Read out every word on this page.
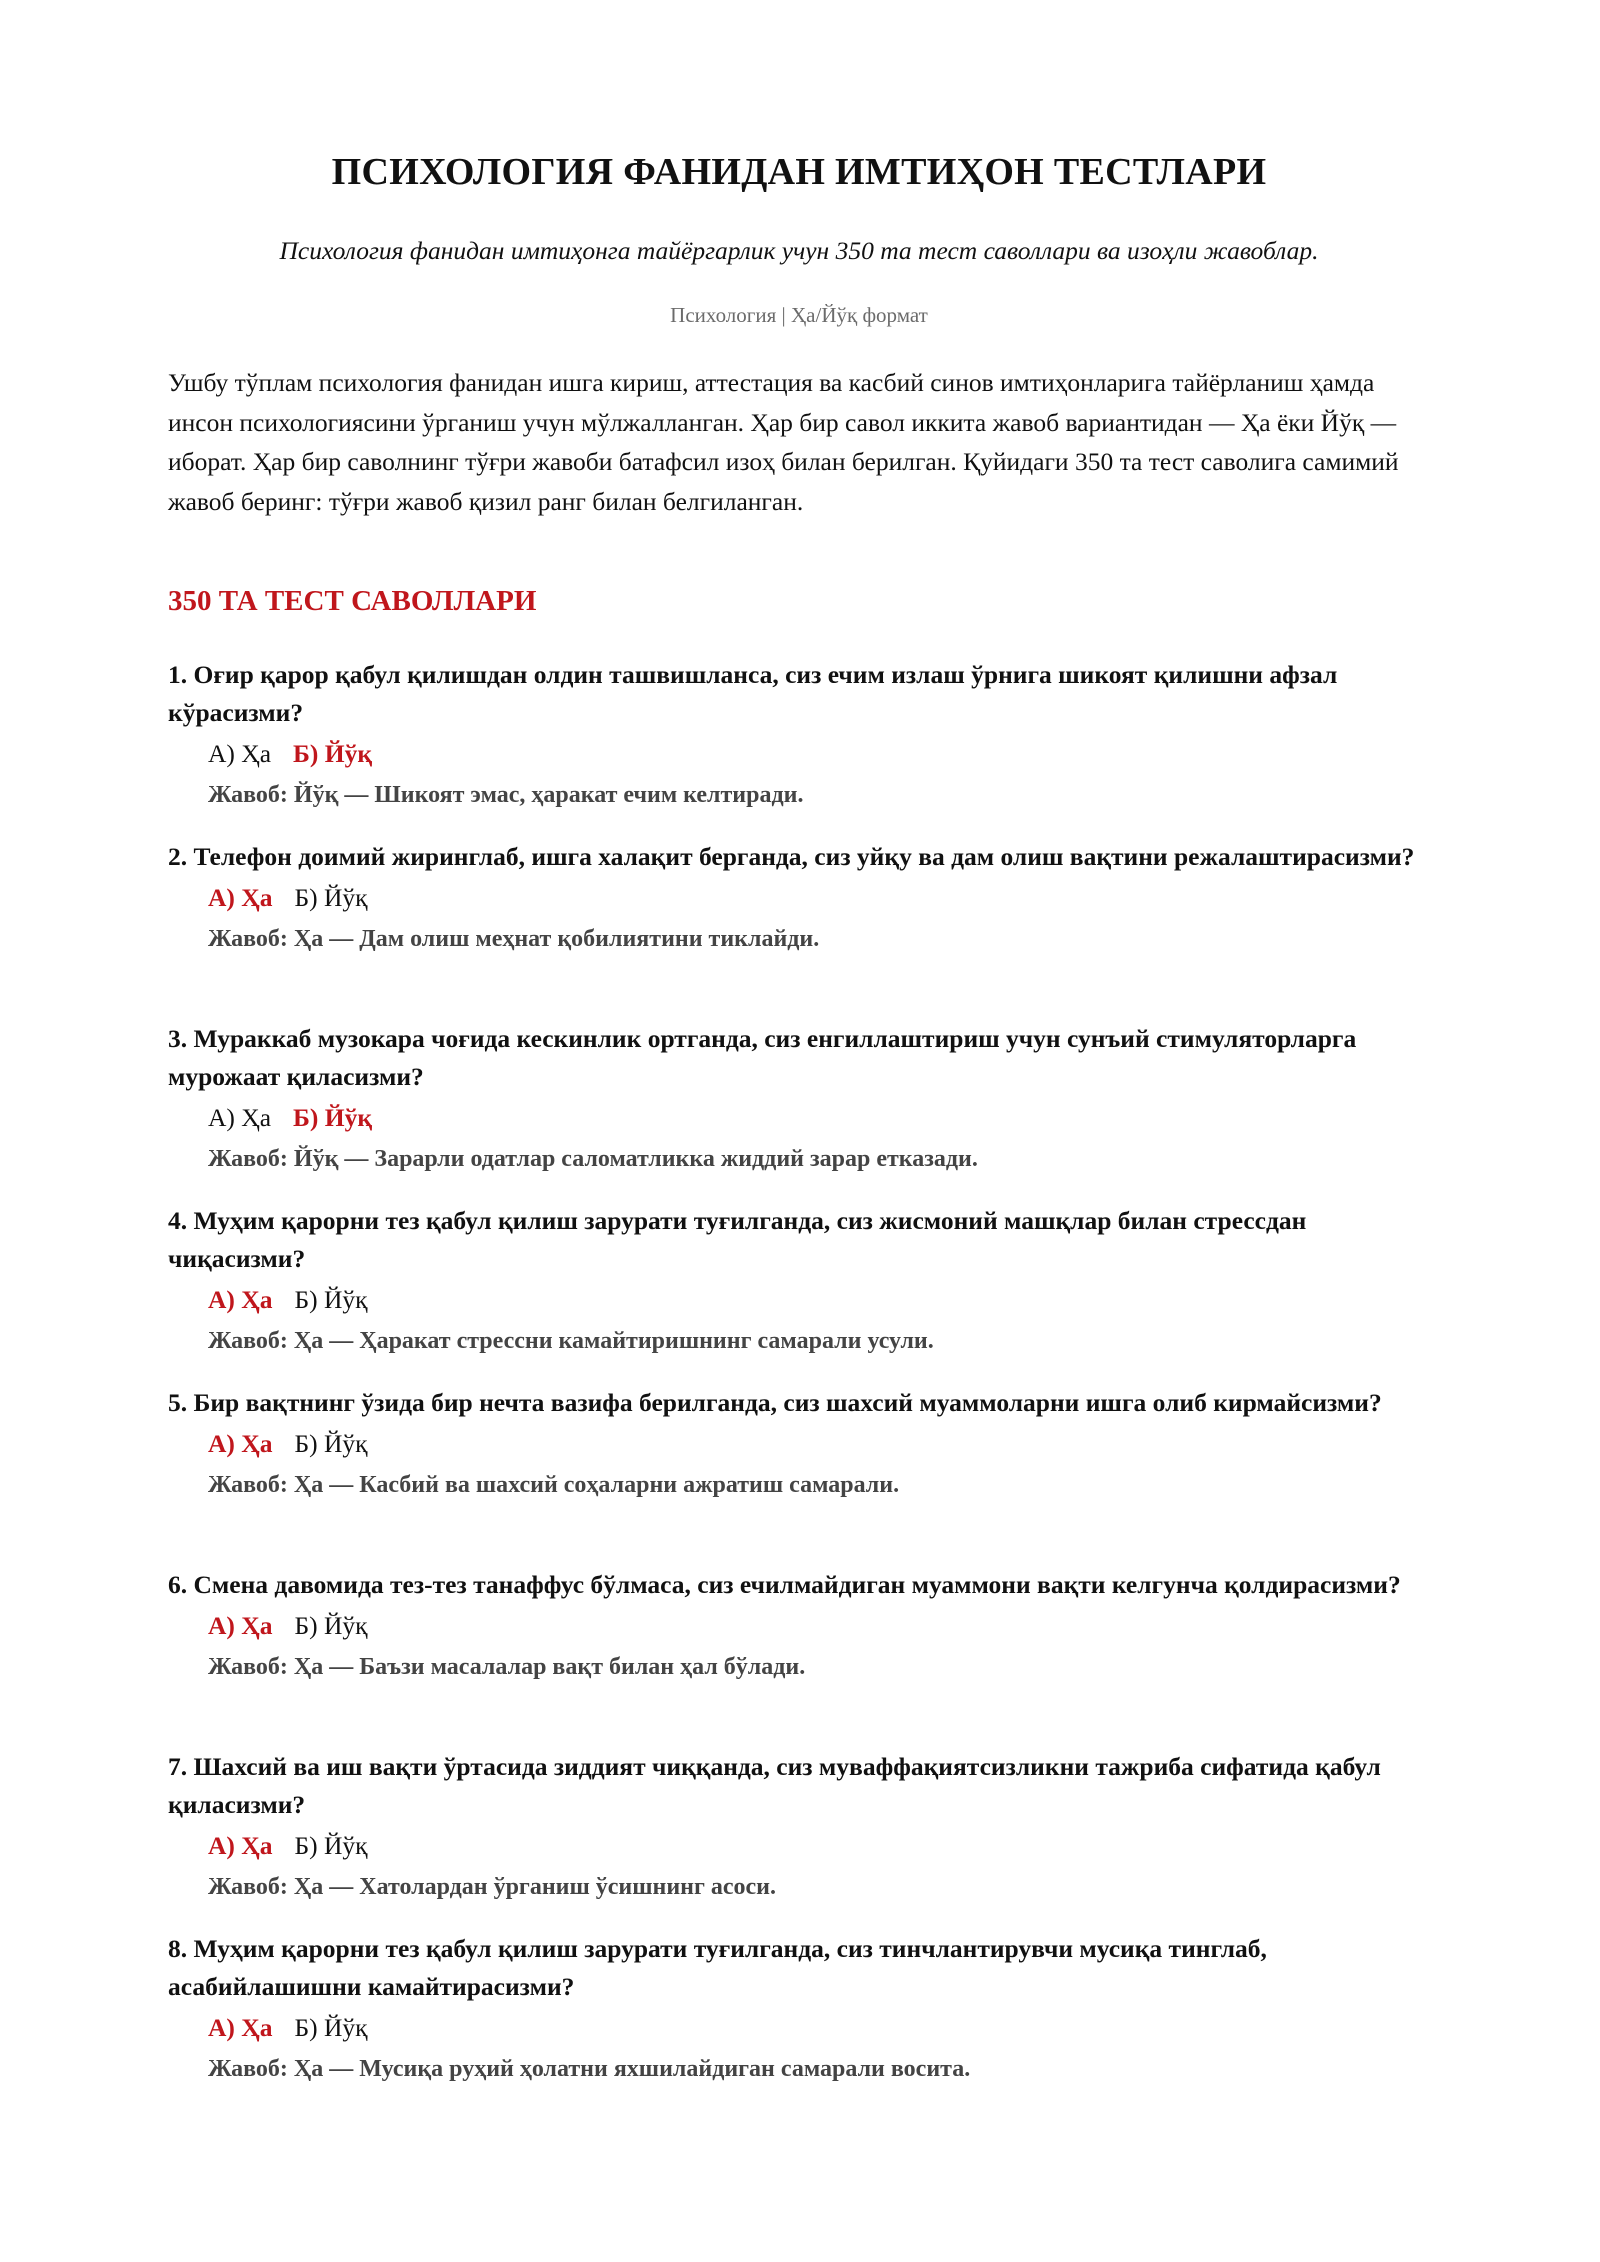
ПСИХОЛОГИЯ ФАНИДАН ИМТИҲОН ТЕСТЛАРИ
Психология фанидан имтиҳонга тайёргарлик учун 350 та тест саволлари ва изоҳли жавоблар.
Психология | Ҳа/Йўқ формат

Ушбу тўплам психология фанидан ишга кириш, аттестация ва касбий синов имтиҳонларига тайёрланиш ҳамда инсон психологиясини ўрганиш учун мўлжалланган. Ҳар бир савол иккита жавоб вариантидан — Ҳа ёки Йўқ — иборат. Ҳар бир саволнинг тўғри жавоби батафсил изоҳ билан берилган. Қуйидаги 350 та тест саволига самимий жавоб беринг: тўғри жавоб қизил ранг билан белгиланган.

350 ТА ТЕСТ САВОЛЛАРИ
1. Оғир қарор қабул қилишдан олдин ташвишланса, сиз ечим излаш ўрнига шикоят қилишни афзал кўрасизми?
А) Ҳа Б) Йўқ
Жавоб: Йўқ — Шикоят эмас, ҳаракат ечим келтиради.
2. Телефон доимий жиринглаб, ишга халақит берганда, сиз уйқу ва дам олиш вақтини режалаштирасизми?
А) Ҳа Б) Йўқ
Жавоб: Ҳа — Дам олиш меҳнат қобилиятини тиклайди.
3. Мураккаб музокара чоғида кескинлик ортганда, сиз енгиллаштириш учун сунъий стимуляторларга мурожаат қиласизми?
А) Ҳа Б) Йўқ
Жавоб: Йўқ — Зарарли одатлар саломатликка жиддий зарар етказади.
4. Муҳим қарорни тез қабул қилиш зарурати туғилганда, сиз жисмоний машқлар билан стрессдан чиқасизми?
А) Ҳа Б) Йўқ
Жавоб: Ҳа — Ҳаракат стрессни камайтиришнинг самарали усули.
5. Бир вақтнинг ўзида бир нечта вазифа берилганда, сиз шахсий муаммоларни ишга олиб кирмайсизми?
А) Ҳа Б) Йўқ
Жавоб: Ҳа — Касбий ва шахсий соҳаларни ажратиш самарали.
6. Смена давомида тез-тез танаффус бўлмаса, сиз ечилмайдиган муаммони вақти келгунча қолдирасизми?
А) Ҳа Б) Йўқ
Жавоб: Ҳа — Баъзи масалалар вақт билан ҳал бўлади.
7. Шахсий ва иш вақти ўртасида зиддият чиққанда, сиз муваффақиятсизликни тажриба сифатида қабул қиласизми?
А) Ҳа Б) Йўқ
Жавоб: Ҳа — Хатолардан ўрганиш ўсишнинг асоси.
8. Муҳим қарорни тез қабул қилиш зарурати туғилганда, сиз тинчлантирувчи мусиқа тинглаб, асабийлашишни камайтирасизми?
А) Ҳа Б) Йўқ
Жавоб: Ҳа — Мусиқа руҳий ҳолатни яхшилайдиган самарали восита.
